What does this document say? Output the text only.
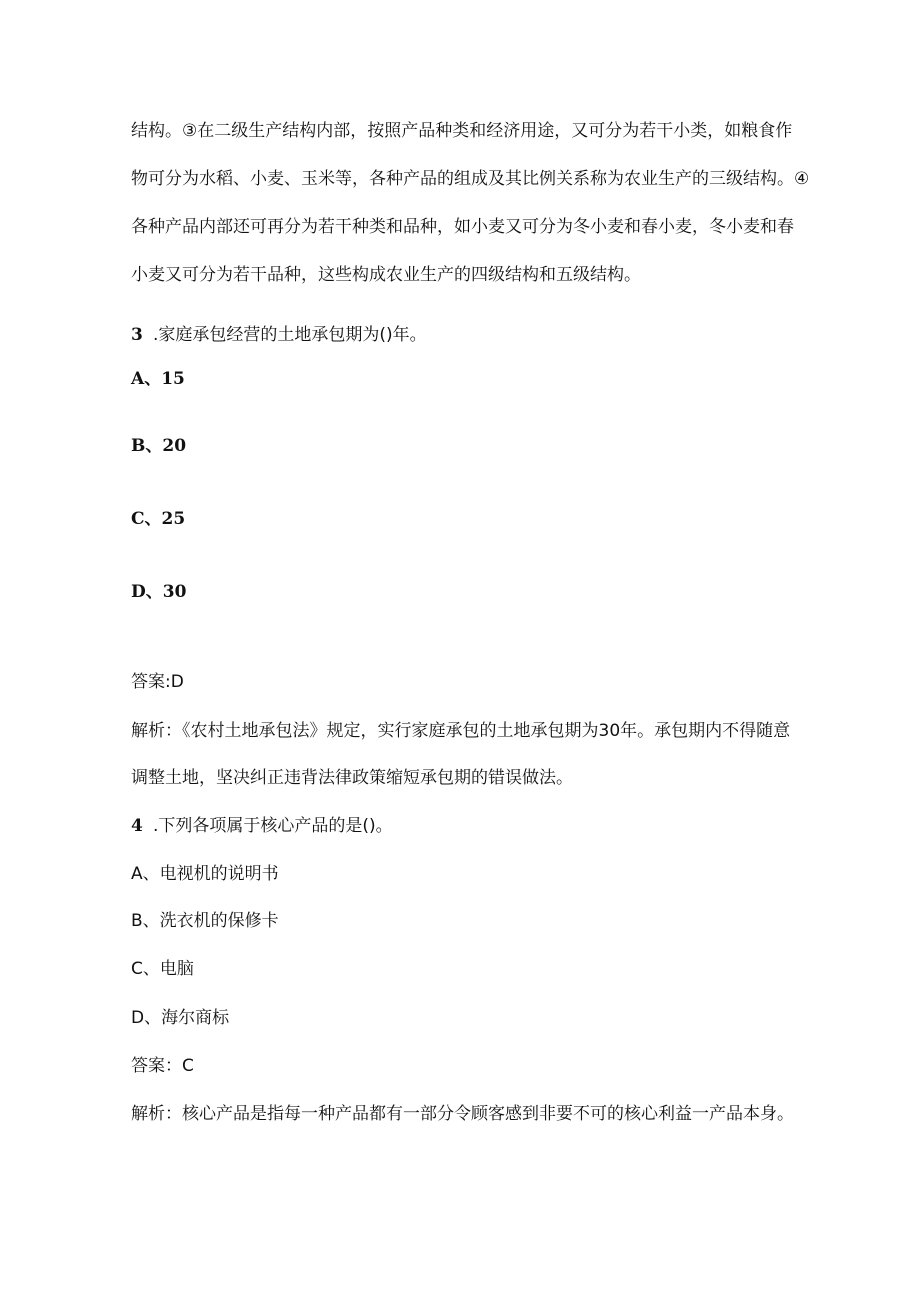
结构。③在二级生产结构内部，按照产品种类和经济用途，又可分为若干小类，如粮食作
物可分为水稻、小麦、玉米等，各种产品的组成及其比例关系称为农业生产的三级结构。④
各种产品内部还可再分为若干种类和品种，如小麦又可分为冬小麦和春小麦，冬小麦和春
小麦又可分为若干品种，这些构成农业生产的四级结构和五级结构。
3 .家庭承包经营的土地承包期为()年。
A、15
B、20
C、25
D、30
答案:D
解析：《农村土地承包法》规定，实行家庭承包的土地承包期为30年。承包期内不得随意
调整土地，坚决纠正违背法律政策缩短承包期的错误做法。
4 .下列各项属于核心产品的是()。
A、电视机的说明书
B、洗衣机的保修卡
C、电脑
D、海尔商标
答案：C
解析：核心产品是指每一种产品都有一部分令顾客感到非要不可的核心利益一产品本身。
